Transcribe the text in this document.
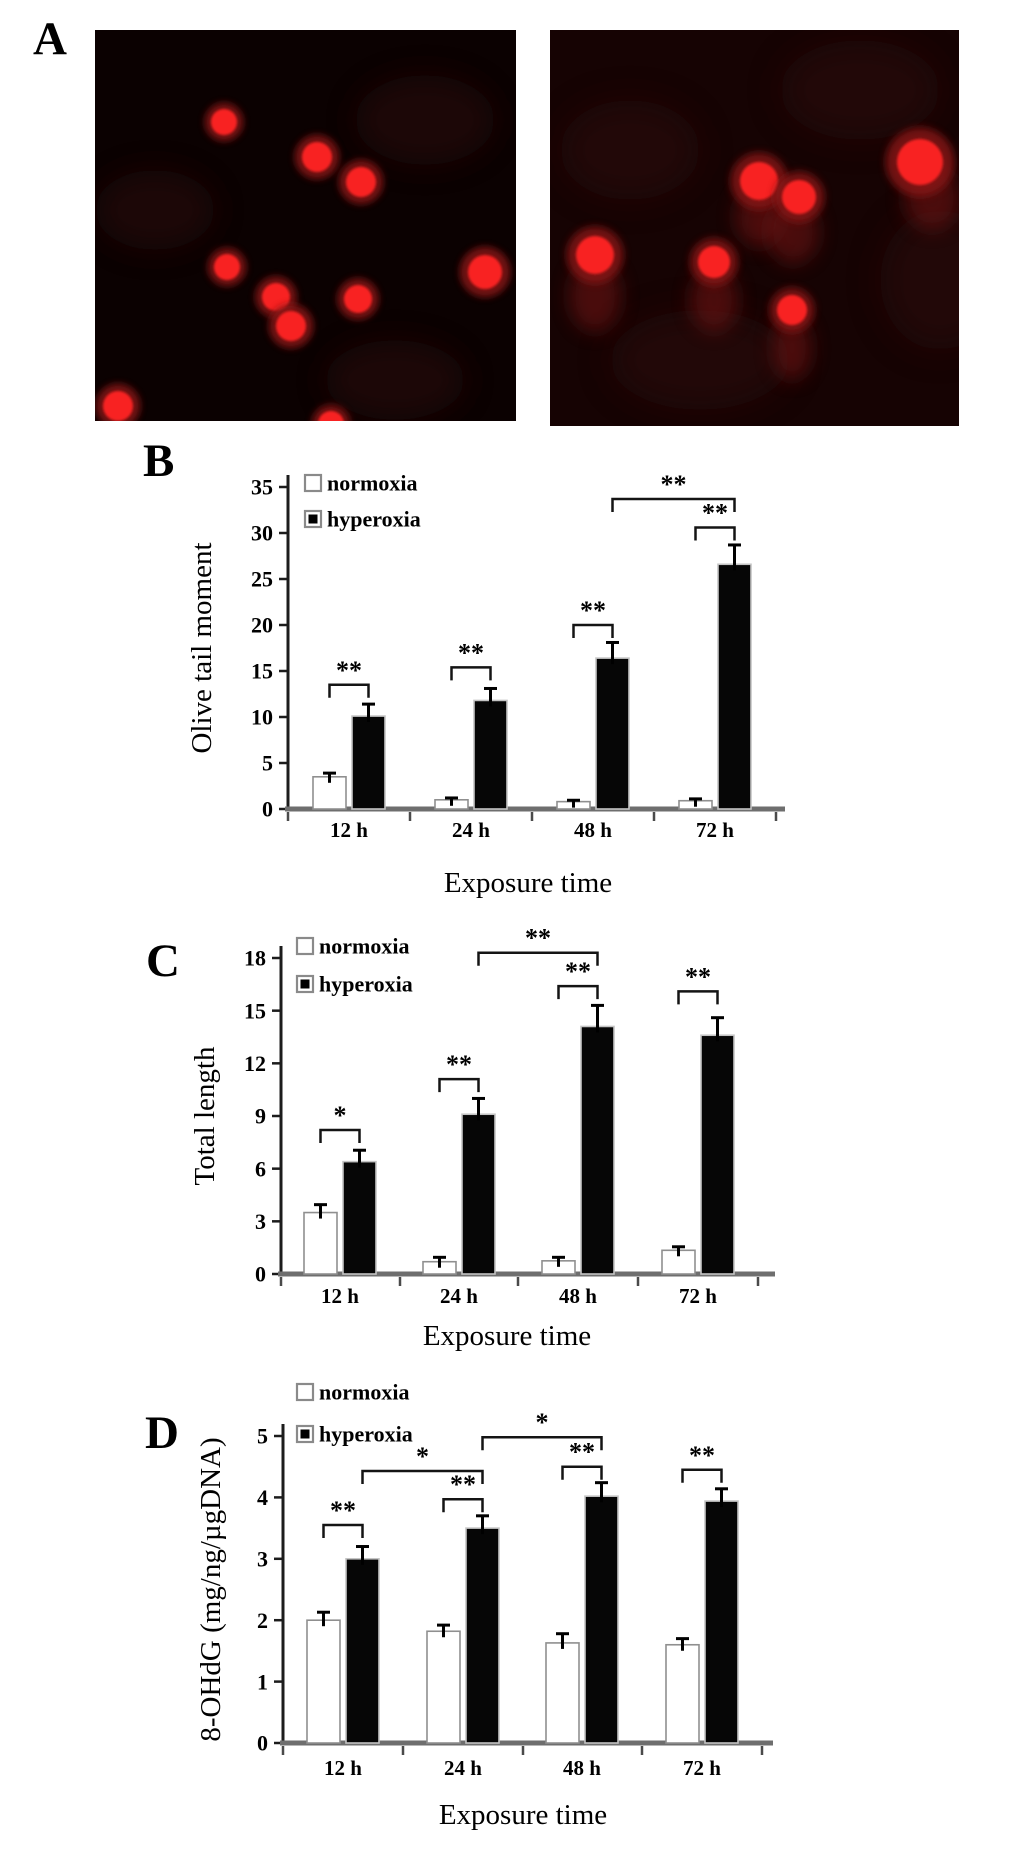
A
B
C
D
0
5
10
15
20
25
30
35
12 h	24 h	48 h	72 h
**
**
**
**
**
normoxia
hyperoxia
Exposure time
Olive tail moment
0
3
6
9
12
15
18
12 h	24 h	48 h	72 h
*
**
**	**
**
normoxia
hyperoxia
Exposure time
Total length
0
1
2
3
4
5
12 h	24 h	48 h	72 h
**
**
*	**
*
**
normoxia
hyperoxia
Exposure time
8-OHdG (mg/ng/µgDNA)
